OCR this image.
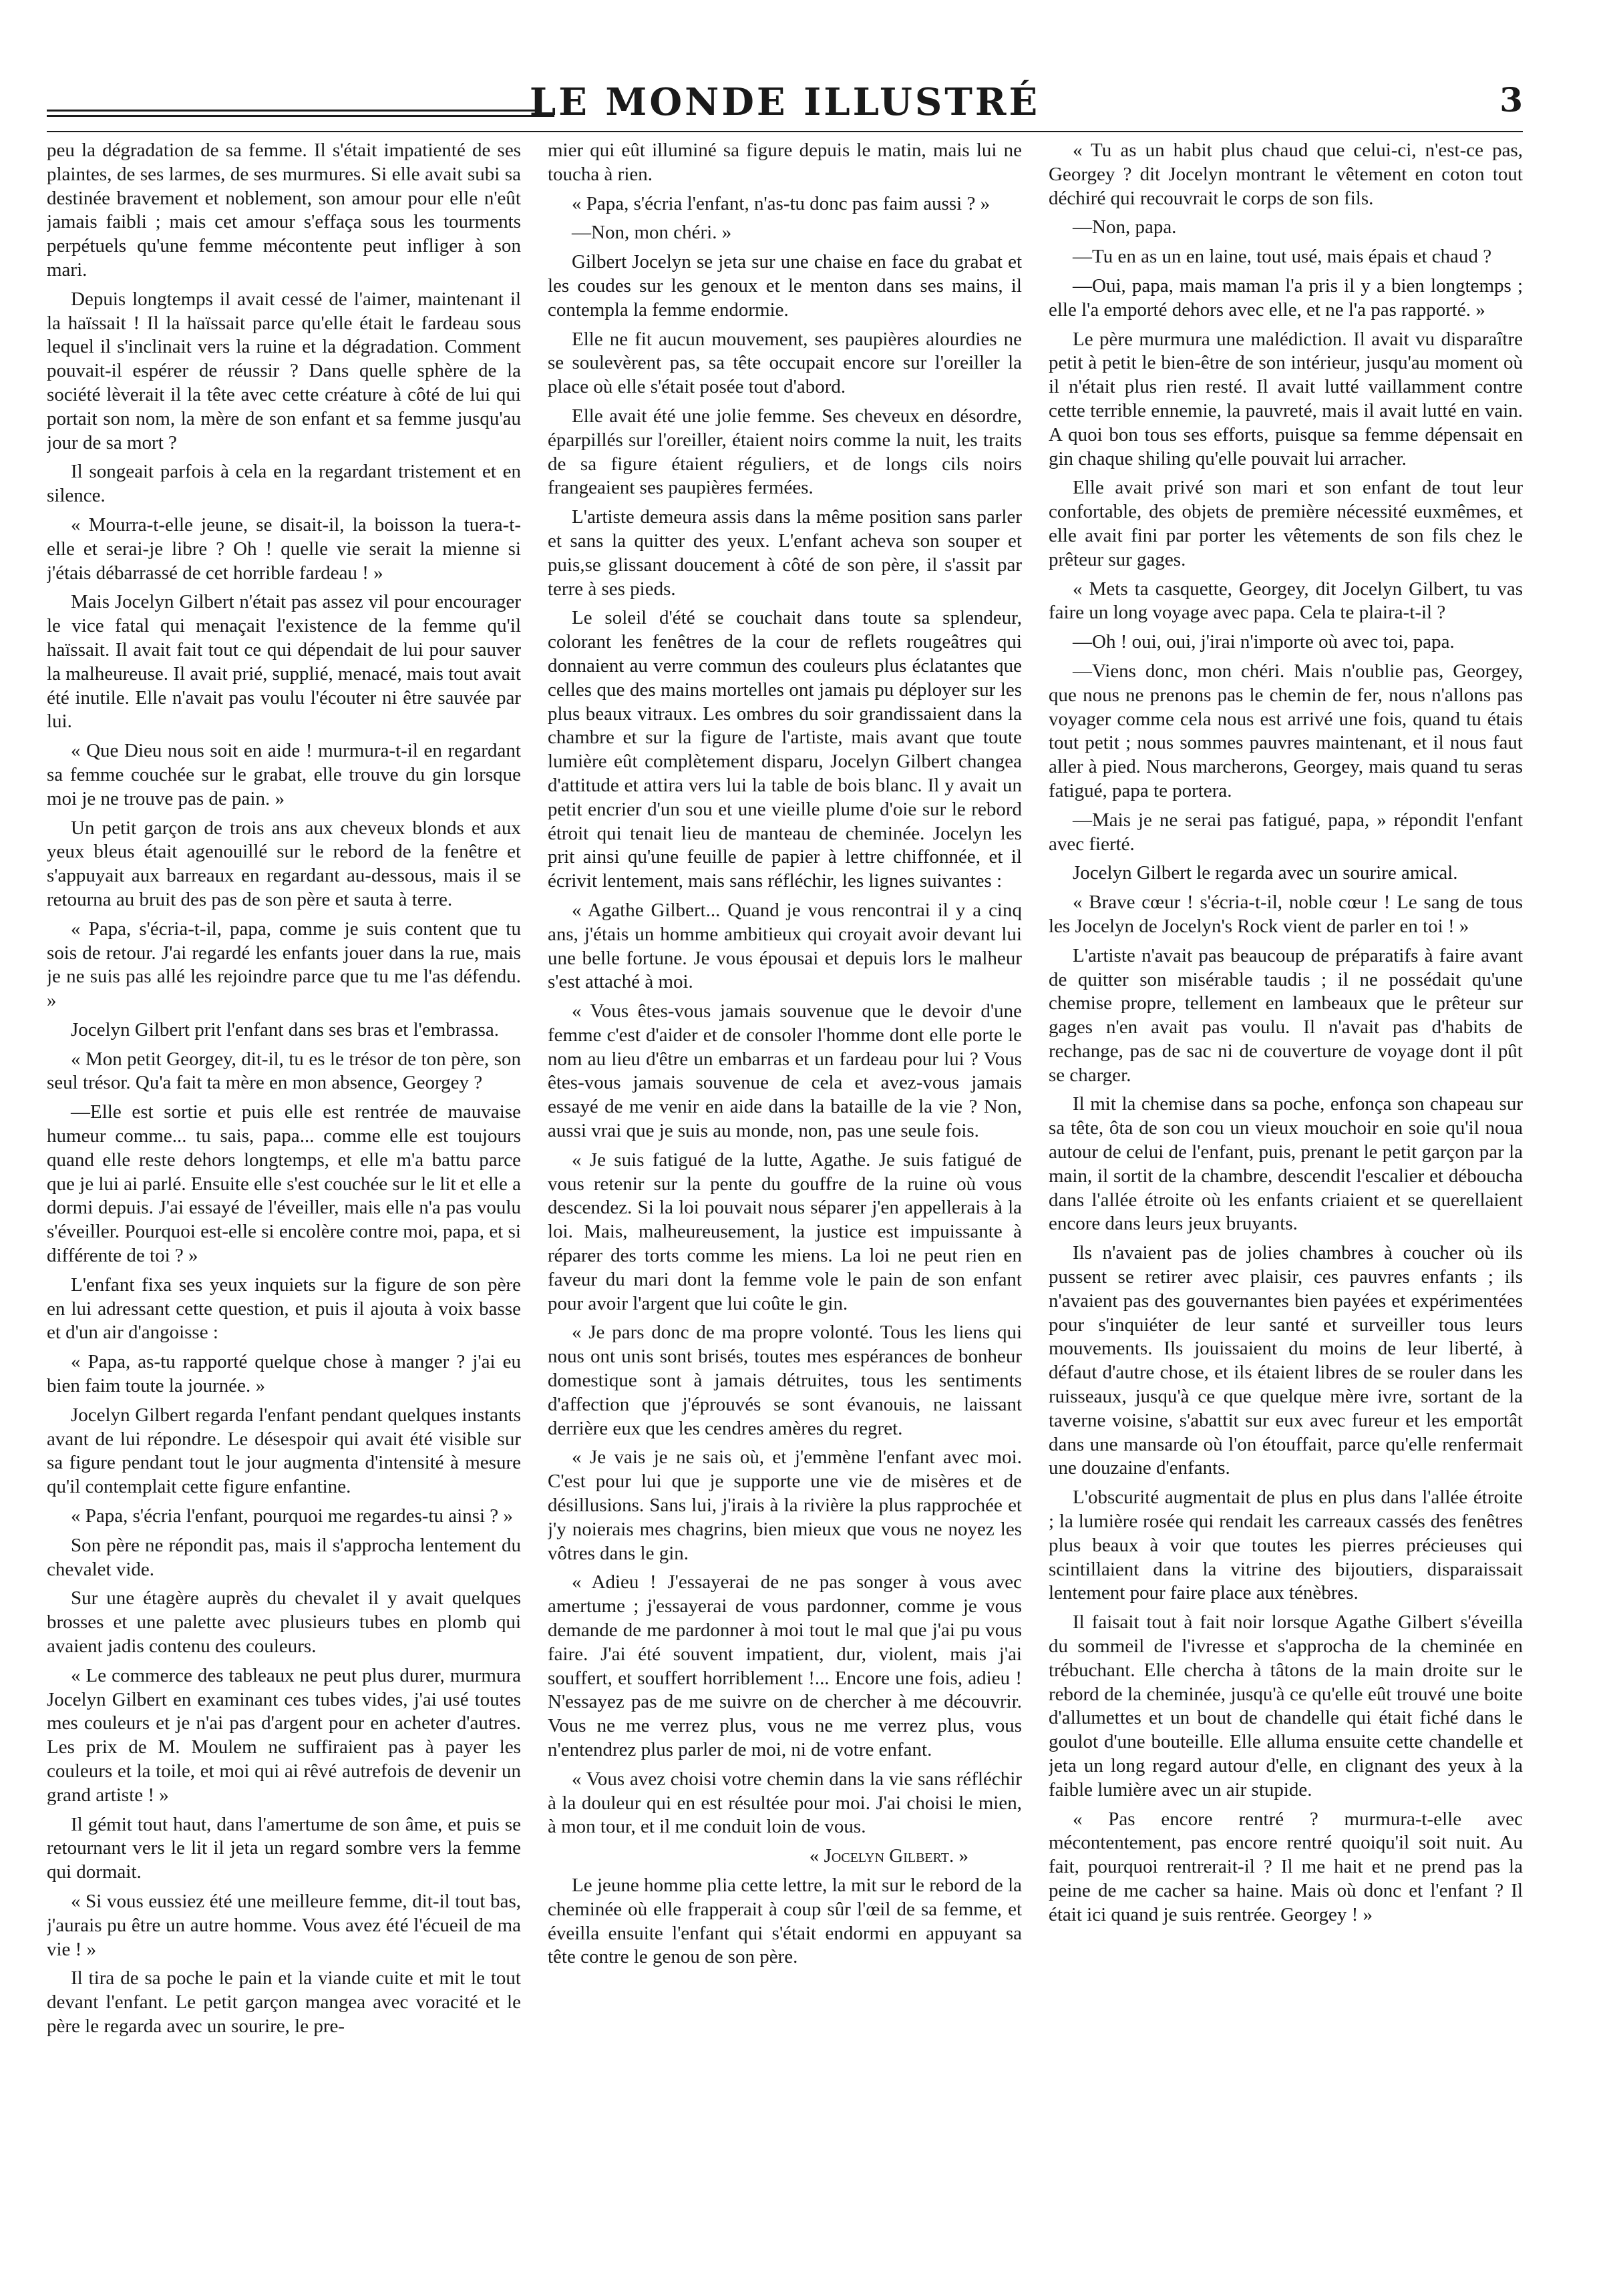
LE MONDE ILLUSTRÉ	3

peu la dégradation de sa femme. Il s'était impatienté de ses plaintes, de ses larmes, de ses murmures. Si elle avait subi sa destinée bravement et noblement, son amour pour elle n'eût jamais faibli ; mais cet amour s'effaça sous les tourments perpétuels qu'une femme mécontente peut infliger à son mari.

Depuis longtemps il avait cessé de l'aimer, maintenant il la haïssait ! Il la haïssait parce qu'elle était le fardeau sous lequel il s'inclinait vers la ruine et la dégradation. Comment pouvait-il espérer de réussir ? Dans quelle sphère de la société lèverait il la tête avec cette créature à côté de lui qui portait son nom, la mère de son enfant et sa femme jusqu'au jour de sa mort ?

Il songeait parfois à cela en la regardant tristement et en silence.

« Mourra-t-elle jeune, se disait-il, la boisson la tuera-t-elle et serai-je libre ? Oh ! quelle vie serait la mienne si j'étais débarrassé de cet horrible fardeau ! »

Mais Jocelyn Gilbert n'était pas assez vil pour encourager le vice fatal qui menaçait l'existence de la femme qu'il haïssait. Il avait fait tout ce qui dépendait de lui pour sauver la malheureuse. Il avait prié, supplié, menacé, mais tout avait été inutile. Elle n'avait pas voulu l'écouter ni être sauvée par lui.

« Que Dieu nous soit en aide ! murmura-t-il en regardant sa femme couchée sur le grabat, elle trouve du gin lorsque moi je ne trouve pas de pain. »

Un petit garçon de trois ans aux cheveux blonds et aux yeux bleus était agenouillé sur le rebord de la fenêtre et s'appuyait aux barreaux en regardant au-dessous, mais il se retourna au bruit des pas de son père et sauta à terre.

« Papa, s'écria-t-il, papa, comme je suis content que tu sois de retour. J'ai regardé les enfants jouer dans la rue, mais je ne suis pas allé les rejoindre parce que tu me l'as défendu. »

Jocelyn Gilbert prit l'enfant dans ses bras et l'embrassa.

« Mon petit Georgey, dit-il, tu es le trésor de ton père, son seul trésor. Qu'a fait ta mère en mon absence, Georgey ?

—Elle est sortie et puis elle est rentrée de mauvaise humeur comme... tu sais, papa... comme elle est toujours quand elle reste dehors longtemps, et elle m'a battu parce que je lui ai parlé. Ensuite elle s'est couchée sur le lit et elle a dormi depuis. J'ai essayé de l'éveiller, mais elle n'a pas voulu s'éveiller. Pourquoi est-elle si encolère contre moi, papa, et si différente de toi ? »

L'enfant fixa ses yeux inquiets sur la figure de son père en lui adressant cette question, et puis il ajouta à voix basse et d'un air d'angoisse :

« Papa, as-tu rapporté quelque chose à manger ? j'ai eu bien faim toute la journée. »

Jocelyn Gilbert regarda l'enfant pendant quelques instants avant de lui répondre. Le désespoir qui avait été visible sur sa figure pendant tout le jour augmenta d'intensité à mesure qu'il contemplait cette figure enfantine.

« Papa, s'écria l'enfant, pourquoi me regardes-tu ainsi ? »

Son père ne répondit pas, mais il s'approcha lentement du chevalet vide.

Sur une étagère auprès du chevalet il y avait quelques brosses et une palette avec plusieurs tubes en plomb qui avaient jadis contenu des couleurs.

« Le commerce des tableaux ne peut plus durer, murmura Jocelyn Gilbert en examinant ces tubes vides, j'ai usé toutes mes couleurs et je n'ai pas d'argent pour en acheter d'autres. Les prix de M. Moulem ne suffiraient pas à payer les couleurs et la toile, et moi qui ai rêvé autrefois de devenir un grand artiste ! »

Il gémit tout haut, dans l'amertume de son âme, et puis se retournant vers le lit il jeta un regard sombre vers la femme qui dormait.

« Si vous eussiez été une meilleure femme, dit-il tout bas, j'aurais pu être un autre homme. Vous avez été l'écueil de ma vie ! »

Il tira de sa poche le pain et la viande cuite et mit le tout devant l'enfant. Le petit garçon mangea avec voracité et le père le regarda avec un sourire, le pre-

mier qui eût illuminé sa figure depuis le matin, mais lui ne toucha à rien.

« Papa, s'écria l'enfant, n'as-tu donc pas faim aussi ? »

—Non, mon chéri. »

Gilbert Jocelyn se jeta sur une chaise en face du grabat et les coudes sur les genoux et le menton dans ses mains, il contempla la femme endormie.

Elle ne fit aucun mouvement, ses paupières alourdies ne se soulevèrent pas, sa tête occupait encore sur l'oreiller la place où elle s'était posée tout d'abord.

Elle avait été une jolie femme. Ses cheveux en désordre, éparpillés sur l'oreiller, étaient noirs comme la nuit, les traits de sa figure étaient réguliers, et de longs cils noirs frangeaient ses paupières fermées.

L'artiste demeura assis dans la même position sans parler et sans la quitter des yeux. L'enfant acheva son souper et puis,se glissant doucement à côté de son père, il s'assit par terre à ses pieds.

Le soleil d'été se couchait dans toute sa splendeur, colorant les fenêtres de la cour de reflets rougeâtres qui donnaient au verre commun des couleurs plus éclatantes que celles que des mains mortelles ont jamais pu déployer sur les plus beaux vitraux. Les ombres du soir grandissaient dans la chambre et sur la figure de l'artiste, mais avant que toute lumière eût complètement disparu, Jocelyn Gilbert changea d'attitude et attira vers lui la table de bois blanc. Il y avait un petit encrier d'un sou et une vieille plume d'oie sur le rebord étroit qui tenait lieu de manteau de cheminée. Jocelyn les prit ainsi qu'une feuille de papier à lettre chiffonnée, et il écrivit lentement, mais sans réfléchir, les lignes suivantes :

« Agathe Gilbert... Quand je vous rencontrai il y a cinq ans, j'étais un homme ambitieux qui croyait avoir devant lui une belle fortune. Je vous épousai et depuis lors le malheur s'est attaché à moi.

« Vous êtes-vous jamais souvenue que le devoir d'une femme c'est d'aider et de consoler l'homme dont elle porte le nom au lieu d'être un embarras et un fardeau pour lui ? Vous êtes-vous jamais souvenue de cela et avez-vous jamais essayé de me venir en aide dans la bataille de la vie ? Non, aussi vrai que je suis au monde, non, pas une seule fois.

« Je suis fatigué de la lutte, Agathe. Je suis fatigué de vous retenir sur la pente du gouffre de la ruine où vous descendez. Si la loi pouvait nous séparer j'en appellerais à la loi. Mais, malheureusement, la justice est impuissante à réparer des torts comme les miens. La loi ne peut rien en faveur du mari dont la femme vole le pain de son enfant pour avoir l'argent que lui coûte le gin.

« Je pars donc de ma propre volonté. Tous les liens qui nous ont unis sont brisés, toutes mes espérances de bonheur domestique sont à jamais détruites, tous les sentiments d'affection que j'éprouvés se sont évanouis, ne laissant derrière eux que les cendres amères du regret.

« Je vais je ne sais où, et j'emmène l'enfant avec moi. C'est pour lui que je supporte une vie de misères et de désillusions. Sans lui, j'irais à la rivière la plus rapprochée et j'y noierais mes chagrins, bien mieux que vous ne noyez les vôtres dans le gin.

« Adieu ! J'essayerai de ne pas songer à vous avec amertume ; j'essayerai de vous pardonner, comme je vous demande de me pardonner à moi tout le mal que j'ai pu vous faire. J'ai été souvent impatient, dur, violent, mais j'ai souffert, et souffert horriblement !... Encore une fois, adieu ! N'essayez pas de me suivre on de chercher à me découvrir. Vous ne me verrez plus, vous ne me verrez plus, vous n'entendrez plus parler de moi, ni de votre enfant.

« Vous avez choisi votre chemin dans la vie sans réfléchir à la douleur qui en est résultée pour moi. J'ai choisi le mien, à mon tour, et il me conduit loin de vous.

« Jocelyn Gilbert. »

Le jeune homme plia cette lettre, la mit sur le rebord de la cheminée où elle frapperait à coup sûr l'œil de sa femme, et éveilla ensuite l'enfant qui s'était endormi en appuyant sa tête contre le genou de son père.

« Tu as un habit plus chaud que celui-ci, n'est-ce pas, Georgey ? dit Jocelyn montrant le vêtement en coton tout déchiré qui recouvrait le corps de son fils.

—Non, papa.

—Tu en as un en laine, tout usé, mais épais et chaud ?

—Oui, papa, mais maman l'a pris il y a bien longtemps ; elle l'a emporté dehors avec elle, et ne l'a pas rapporté. »

Le père murmura une malédiction. Il avait vu disparaître petit à petit le bien-être de son intérieur, jusqu'au moment où il n'était plus rien resté. Il avait lutté vaillamment contre cette terrible ennemie, la pauvreté, mais il avait lutté en vain. A quoi bon tous ses efforts, puisque sa femme dépensait en gin chaque shiling qu'elle pouvait lui arracher.

Elle avait privé son mari et son enfant de tout leur confortable, des objets de première nécessité euxmêmes, et elle avait fini par porter les vêtements de son fils chez le prêteur sur gages.

« Mets ta casquette, Georgey, dit Jocelyn Gilbert, tu vas faire un long voyage avec papa. Cela te plaira-t-il ?

—Oh ! oui, oui, j'irai n'importe où avec toi, papa.

—Viens donc, mon chéri. Mais n'oublie pas, Georgey, que nous ne prenons pas le chemin de fer, nous n'allons pas voyager comme cela nous est arrivé une fois, quand tu étais tout petit ; nous sommes pauvres maintenant, et il nous faut aller à pied. Nous marcherons, Georgey, mais quand tu seras fatigué, papa te portera.

—Mais je ne serai pas fatigué, papa, » répondit l'enfant avec fierté.

Jocelyn Gilbert le regarda avec un sourire amical.

« Brave cœur ! s'écria-t-il, noble cœur ! Le sang de tous les Jocelyn de Jocelyn's Rock vient de parler en toi ! »

L'artiste n'avait pas beaucoup de préparatifs à faire avant de quitter son misérable taudis ; il ne possédait qu'une chemise propre, tellement en lambeaux que le prêteur sur gages n'en avait pas voulu. Il n'avait pas d'habits de rechange, pas de sac ni de couverture de voyage dont il pût se charger.

Il mit la chemise dans sa poche, enfonça son chapeau sur sa tête, ôta de son cou un vieux mouchoir en soie qu'il noua autour de celui de l'enfant, puis, prenant le petit garçon par la main, il sortit de la chambre, descendit l'escalier et déboucha dans l'allée étroite où les enfants criaient et se querellaient encore dans leurs jeux bruyants.

Ils n'avaient pas de jolies chambres à coucher où ils pussent se retirer avec plaisir, ces pauvres enfants ; ils n'avaient pas des gouvernantes bien payées et expérimentées pour s'inquiéter de leur santé et surveiller tous leurs mouvements. Ils jouissaient du moins de leur liberté, à défaut d'autre chose, et ils étaient libres de se rouler dans les ruisseaux, jusqu'à ce que quelque mère ivre, sortant de la taverne voisine, s'abattit sur eux avec fureur et les emportât dans une mansarde où l'on étouffait, parce qu'elle renfermait une douzaine d'enfants.

L'obscurité augmentait de plus en plus dans l'allée étroite ; la lumière rosée qui rendait les carreaux cassés des fenêtres plus beaux à voir que toutes les pierres précieuses qui scintillaient dans la vitrine des bijoutiers, disparaissait lentement pour faire place aux ténèbres.

Il faisait tout à fait noir lorsque Agathe Gilbert s'éveilla du sommeil de l'ivresse et s'approcha de la cheminée en trébuchant. Elle chercha à tâtons de la main droite sur le rebord de la cheminée, jusqu'à ce qu'elle eût trouvé une boite d'allumettes et un bout de chandelle qui était fiché dans le goulot d'une bouteille. Elle alluma ensuite cette chandelle et jeta un long regard autour d'elle, en clignant des yeux à la faible lumière avec un air stupide.

« Pas encore rentré ? murmura-t-elle avec mécontentement, pas encore rentré quoiqu'il soit nuit. Au fait, pourquoi rentrerait-il ? Il me hait et ne prend pas la peine de me cacher sa haine. Mais où donc et l'enfant ? Il était ici quand je suis rentrée. Georgey ! »
